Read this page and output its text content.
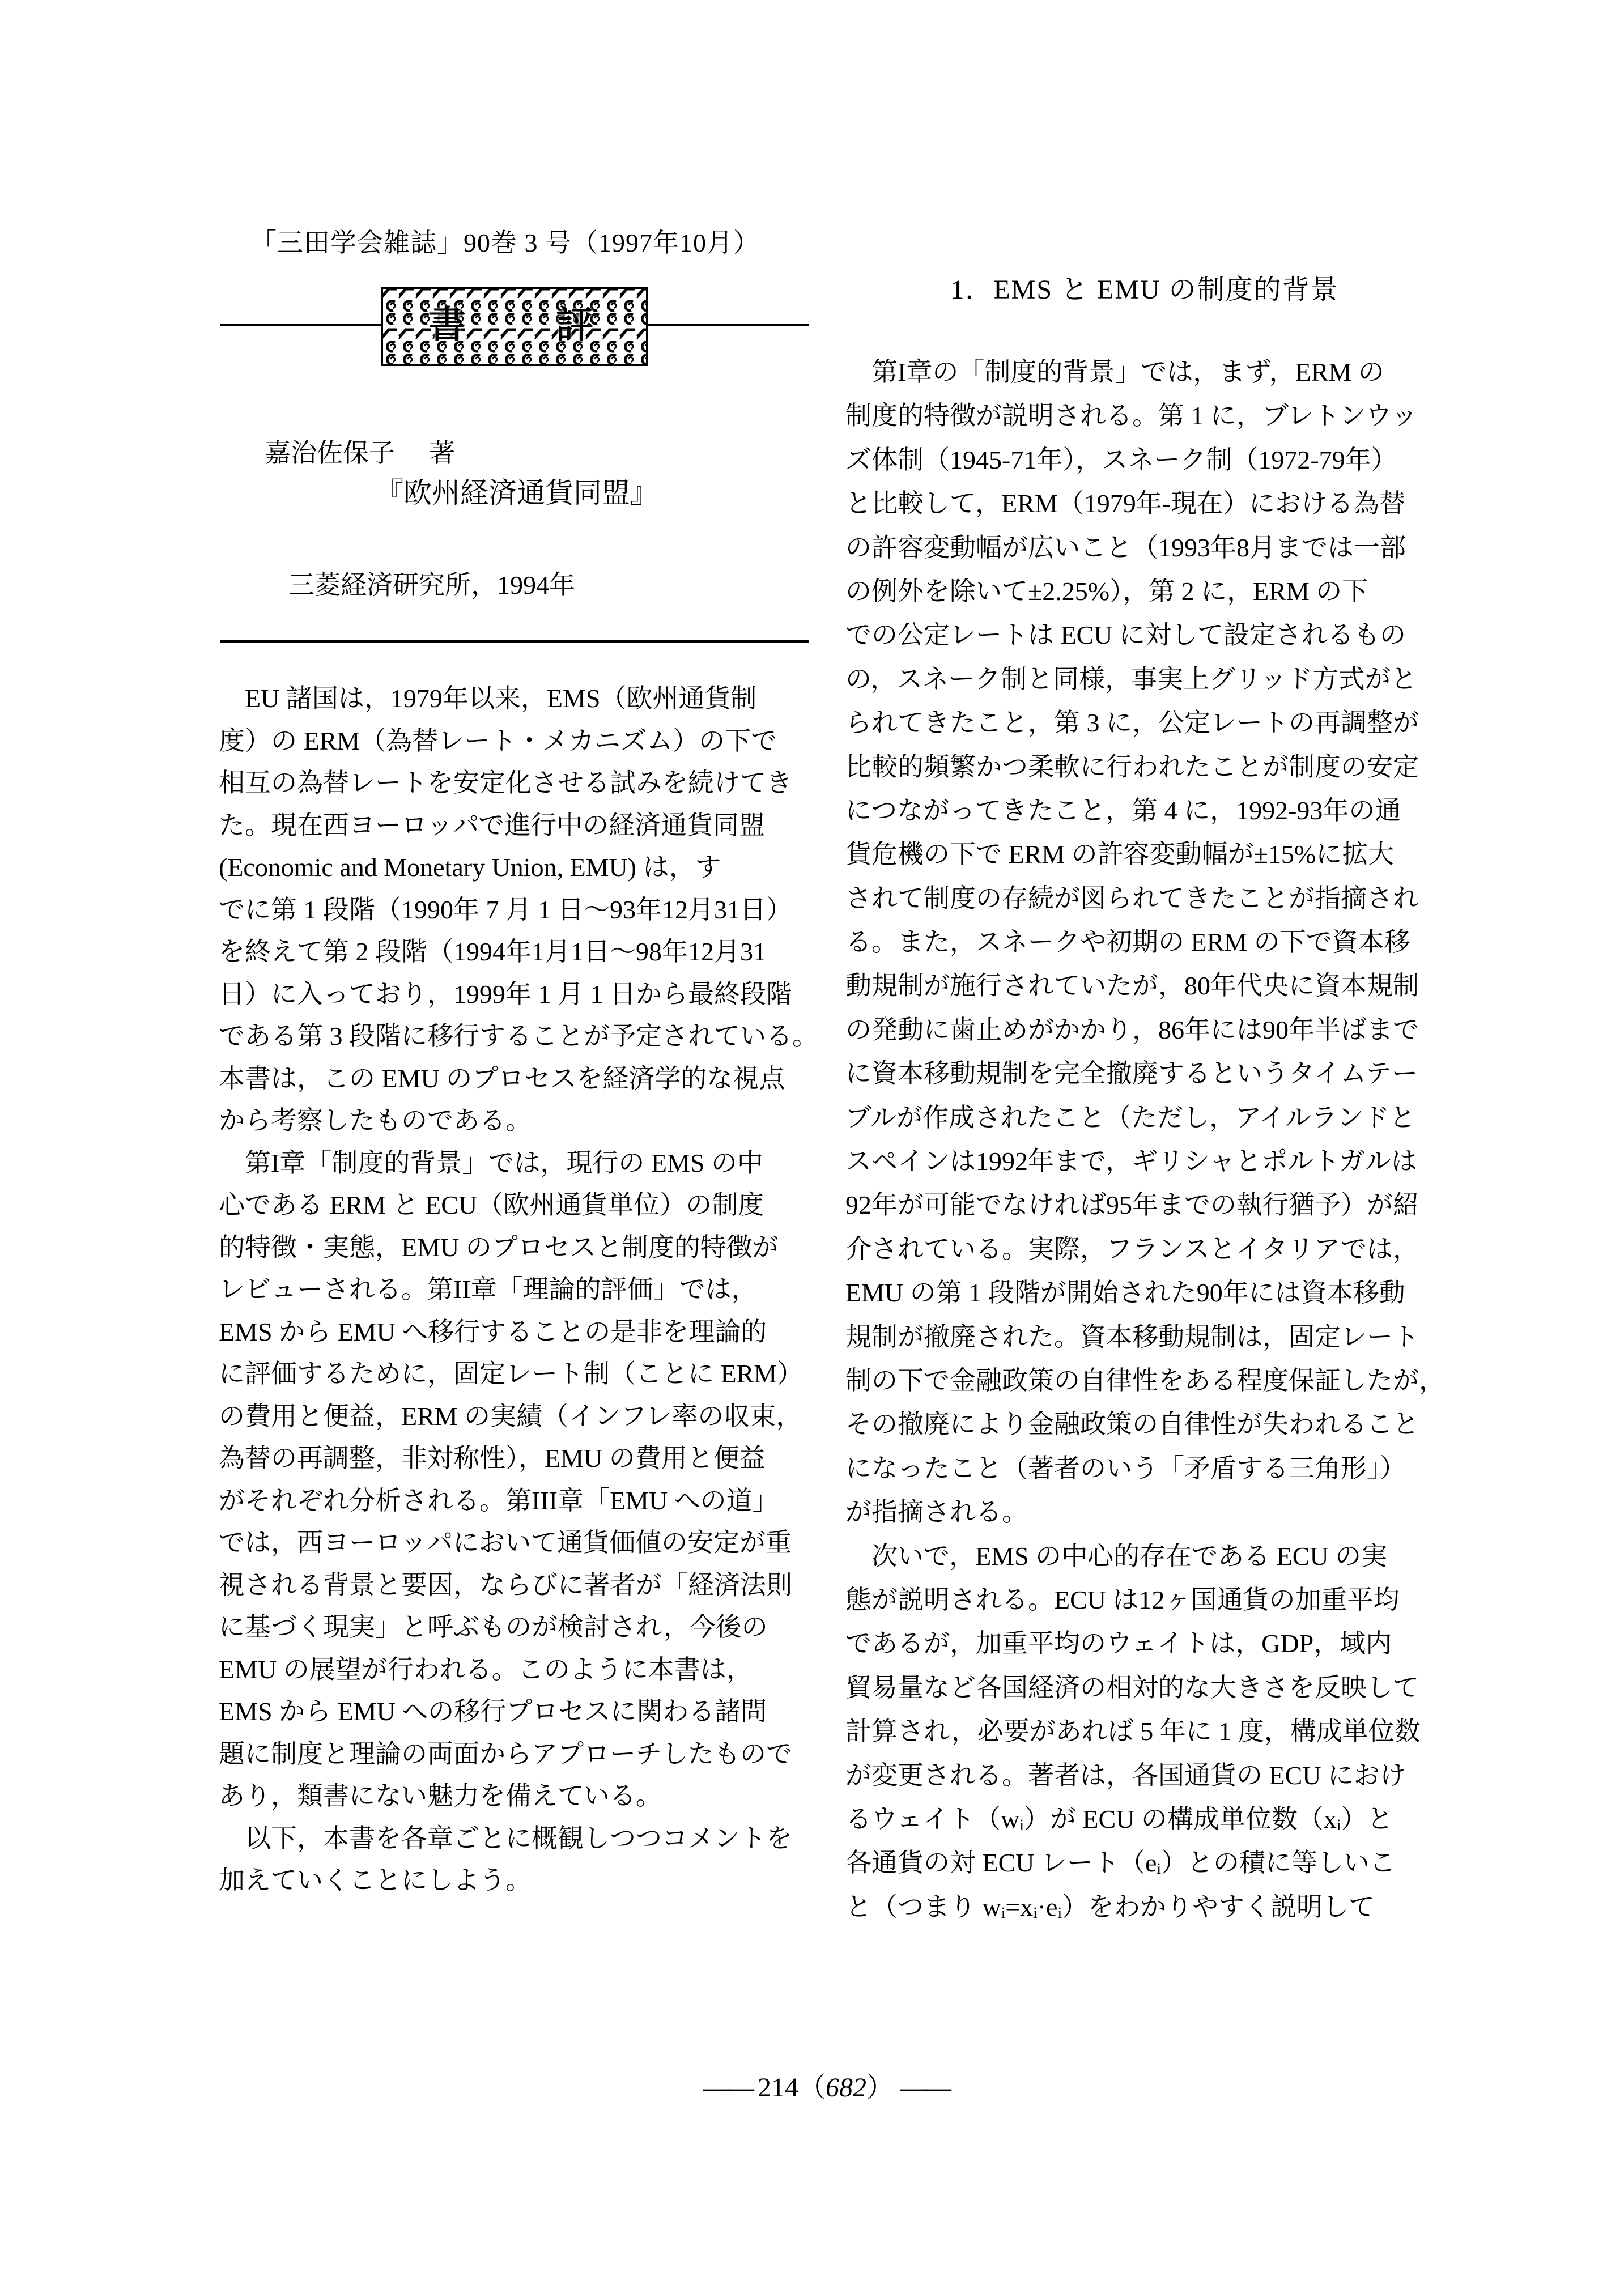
「三田学会雑誌」90巻 3 号（1997年10月）
書 評

嘉治佐保子 著

『欧州経済通貨同盟』
三菱経済研究所，1994年
　EU 諸国は，1979年以来，EMS（欧州通貨制
度）の ERM（為替レート・メカニズム）の下で
相互の為替レートを安定化させる試みを続けてき
た。現在西ヨーロッパで進行中の経済通貨同盟
(Economic and Monetary Union, EMU) は，す
でに第 1 段階（1990年 7 月 1 日～93年12月31日）
を終えて第 2 段階（1994年1月1日～98年12月31
日）に入っており，1999年 1 月 1 日から最終段階
である第 3 段階に移行することが予定されている。
本書は，この EMU のプロセスを経済学的な視点
から考察したものである。
　第I章「制度的背景」では，現行の EMS の中
心である ERM と ECU（欧州通貨単位）の制度
的特徴・実態，EMU のプロセスと制度的特徴が
レビューされる。第II章「理論的評価」では，
EMS から EMU へ移行することの是非を理論的
に評価するために，固定レート制（ことに ERM）
の費用と便益，ERM の実績（インフレ率の収束，
為替の再調整，非対称性），EMU の費用と便益
がそれぞれ分析される。第III章「EMU への道」
では，西ヨーロッパにおいて通貨価値の安定が重
視される背景と要因，ならびに著者が「経済法則
に基づく現実」と呼ぶものが検討され，今後の
EMU の展望が行われる。このように本書は，
EMS から EMU への移行プロセスに関わる諸問
題に制度と理論の両面からアプローチしたもので
あり，類書にない魅力を備えている。
　以下，本書を各章ごとに概観しつつコメントを
加えていくことにしよう。
1．EMS と EMU の制度的背景
　第I章の「制度的背景」では，まず，ERM の
制度的特徴が説明される。第 1 に，ブレトンウッ
ズ体制（1945-71年），スネーク制（1972-79年）
と比較して，ERM（1979年-現在）における為替
の許容変動幅が広いこと（1993年8月までは一部
の例外を除いて±2.25%），第 2 に，ERM の下
での公定レートは ECU に対して設定されるもの
の，スネーク制と同様，事実上グリッド方式がと
られてきたこと，第 3 に，公定レートの再調整が
比較的頻繁かつ柔軟に行われたことが制度の安定
につながってきたこと，第 4 に，1992-93年の通
貨危機の下で ERM の許容変動幅が±15%に拡大
されて制度の存続が図られてきたことが指摘され
る。また，スネークや初期の ERM の下で資本移
動規制が施行されていたが，80年代央に資本規制
の発動に歯止めがかかり，86年には90年半ばまで
に資本移動規制を完全撤廃するというタイムテー
ブルが作成されたこと（ただし，アイルランドと
スペインは1992年まで，ギリシャとポルトガルは
92年が可能でなければ95年までの執行猶予）が紹
介されている。実際，フランスとイタリアでは，
EMU の第 1 段階が開始された90年には資本移動
規制が撤廃された。資本移動規制は，固定レート
制の下で金融政策の自律性をある程度保証したが，
その撤廃により金融政策の自律性が失われること
になったこと（著者のいう「矛盾する三角形」）
が指摘される。
　次いで，EMS の中心的存在である ECU の実
態が説明される。ECU は12ヶ国通貨の加重平均
であるが，加重平均のウェイトは，GDP，域内
貿易量など各国経済の相対的な大きさを反映して
計算され，必要があれば 5 年に 1 度，構成単位数
が変更される。著者は，各国通貨の ECU におけ
るウェイト（wᵢ）が ECU の構成単位数（xᵢ）と
各通貨の対 ECU レート（eᵢ）との積に等しいこ
と（つまり wᵢ=xᵢ·eᵢ）をわかりやすく説明して

—— 214（682） ——
